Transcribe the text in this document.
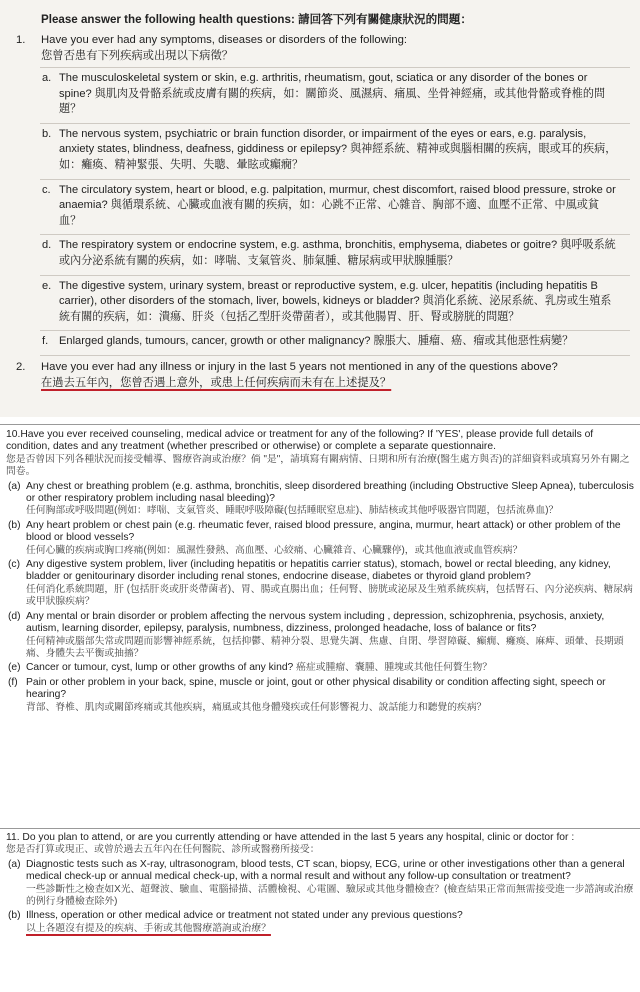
Please answer the following health questions: 請回答下列有關健康狀況的問題：
1. Have you ever had any symptoms, diseases or disorders of the following:
您曾否患有下列疾病或出現以下病徵？
a. The musculoskeletal system or skin, e.g. arthritis, rheumatism, gout, sciatica or any disorder of the bones or spine? 與肌肉及骨骼系統或皮膚有關的疾病，如：關節炎、風濕病、痛風、坐骨神經痛，或其他骨骼或脊椎的問題？
b. The nervous system, psychiatric or brain function disorder, or impairment of the eyes or ears, e.g. paralysis, anxiety states, blindness, deafness, giddiness or epilepsy? 與神經系統、精神或與腦相關的疾病，眼或耳的疾病，如：癱瘓、精神緊張、失明、失聰、暈眩或癲癇？
c. The circulatory system, heart or blood, e.g. palpitation, murmur, chest discomfort, raised blood pressure, stroke or anaemia? 與循環系統、心臟或血液有關的疾病，如：心跳不正常、心雜音、胸部不適、血壓不正常、中風或貧血？
d. The respiratory system or endocrine system, e.g. asthma, bronchitis, emphysema, diabetes or goitre? 與呼吸系統或內分泌系統有關的疾病，如：哮喘、支氣管炎、肺氣腫、糖尿病或甲狀腺腫脹？
e. The digestive system, urinary system, breast or reproductive system, e.g. ulcer, hepatitis (including hepatitis B carrier), other disorders of the stomach, liver, bowels, kidneys or bladder? 與消化系統、泌尿系統、乳房或生殖系統有關的疾病，如：潰瘍、肝炎（包括乙型肝炎帶菌者），或其他腸胃、肝、腎或膀胱的問題？
f. Enlarged glands, tumours, cancer, growth or other malignancy? 腺脹大、腫瘤、癌、瘤或其他惡性病變？
2. Have you ever had any illness or injury in the last 5 years not mentioned in any of the questions above?
在過去五年內，您曾否遇上意外，或患上任何疾病而未有在上述提及？
10.Have you ever received counseling, medical advice or treatment for any of the following? If 'YES', please provide full details of condition, dates and any treatment (whether prescribed or otherwise) or complete a separate questionnaire.
您是否曾因下列各種狀況而接受輔導、醫療咨詢或治療？倘 "是"，請填寫有關病情、日期和所有治療(醫生處方與否)的詳細資料或填寫另外有關之問卷。
(a) Any chest or breathing problem (e.g. asthma, bronchitis, sleep disordered breathing (including Obstructive Sleep Apnea), tuberculosis or other respiratory problem including nasal bleeding)?
任何胸部或呼吸問題(例如：哮喘、支氣管炎、睡眠呼吸障礙(包括睡眠窒息症)、肺結核或其他呼吸器官問題，包括流鼻血)？
(b) Any heart problem or chest pain (e.g. rheumatic fever, raised blood pressure, angina, murmur, heart attack) or other problem of the blood or blood vessels?
任何心臟的疾病或胸口疼痛(例如：風濕性發熱、高血壓、心絞痛、心臟雜音、心臟驟停)，或其他血液或血管疾病？
(c) Any digestive system problem, liver (including hepatitis or hepatitis carrier status), stomach, bowel or rectal bleeding, any kidney, bladder or genitourinary disorder including renal stones, endocrine disease, diabetes or thyroid gland problem?
任何消化系統問題，肝 (包括肝炎或肝炎帶菌者)、胃、腸或直腸出血；任何腎、膀胱或泌尿及生殖系統疾病，包括腎石、內分泌疾病、糖尿病或甲狀腺疾病？
(d) Any mental or brain disorder or problem affecting the nervous system including , depression, schizophrenia, psychosis, anxiety, autism, learning disorder, epilepsy, paralysis, numbness, dizziness, prolonged headache, loss of balance or fits?
任何精神或腦部失常或問題而影響神經系統，包括抑鬱、精神分裂、思覺失調、焦慮、自閉、學習障礙、癲癇、癱瘓、麻痺、頭暈、長期頭痛、身體失去平衡或抽搐？
(e) Cancer or tumour, cyst, lump or other growths of any kind? 癌症或腫瘤、囊腫、腫塊或其他任何贅生物？
(f) Pain or other problem in your back, spine, muscle or joint, gout or other physical disability or condition affecting sight, speech or hearing?
背部、脊椎、肌肉或關節疼痛或其他疾病，痛風或其他身體殘疾或任何影響視力、說話能力和聽覺的疾病？
11. Do you plan to attend, or are you currently attending or have attended in the last 5 years any hospital, clinic or doctor for :
您是否打算或現正、或曾於過去五年內在任何醫院、診所或醫務所接受：
(a) Diagnostic tests such as X-ray, ultrasonogram, blood tests, CT scan, biopsy, ECG, urine or other investigations other than a general medical check-up or annual medical check-up, with a normal result and without any follow-up consultation or treatment?
一些診斷性之檢查如X光、超聲波、驗血、電腦掃描、活體檢視、心電圖、驗尿或其他身體檢查？(檢查結果正常而無需接受進一步諮詢或治療的例行身體檢查除外)
(b) Illness, operation or other medical advice or treatment not stated under any previous questions?
以上各題沒有提及的疾病、手術或其他醫療諮詢或治療？
